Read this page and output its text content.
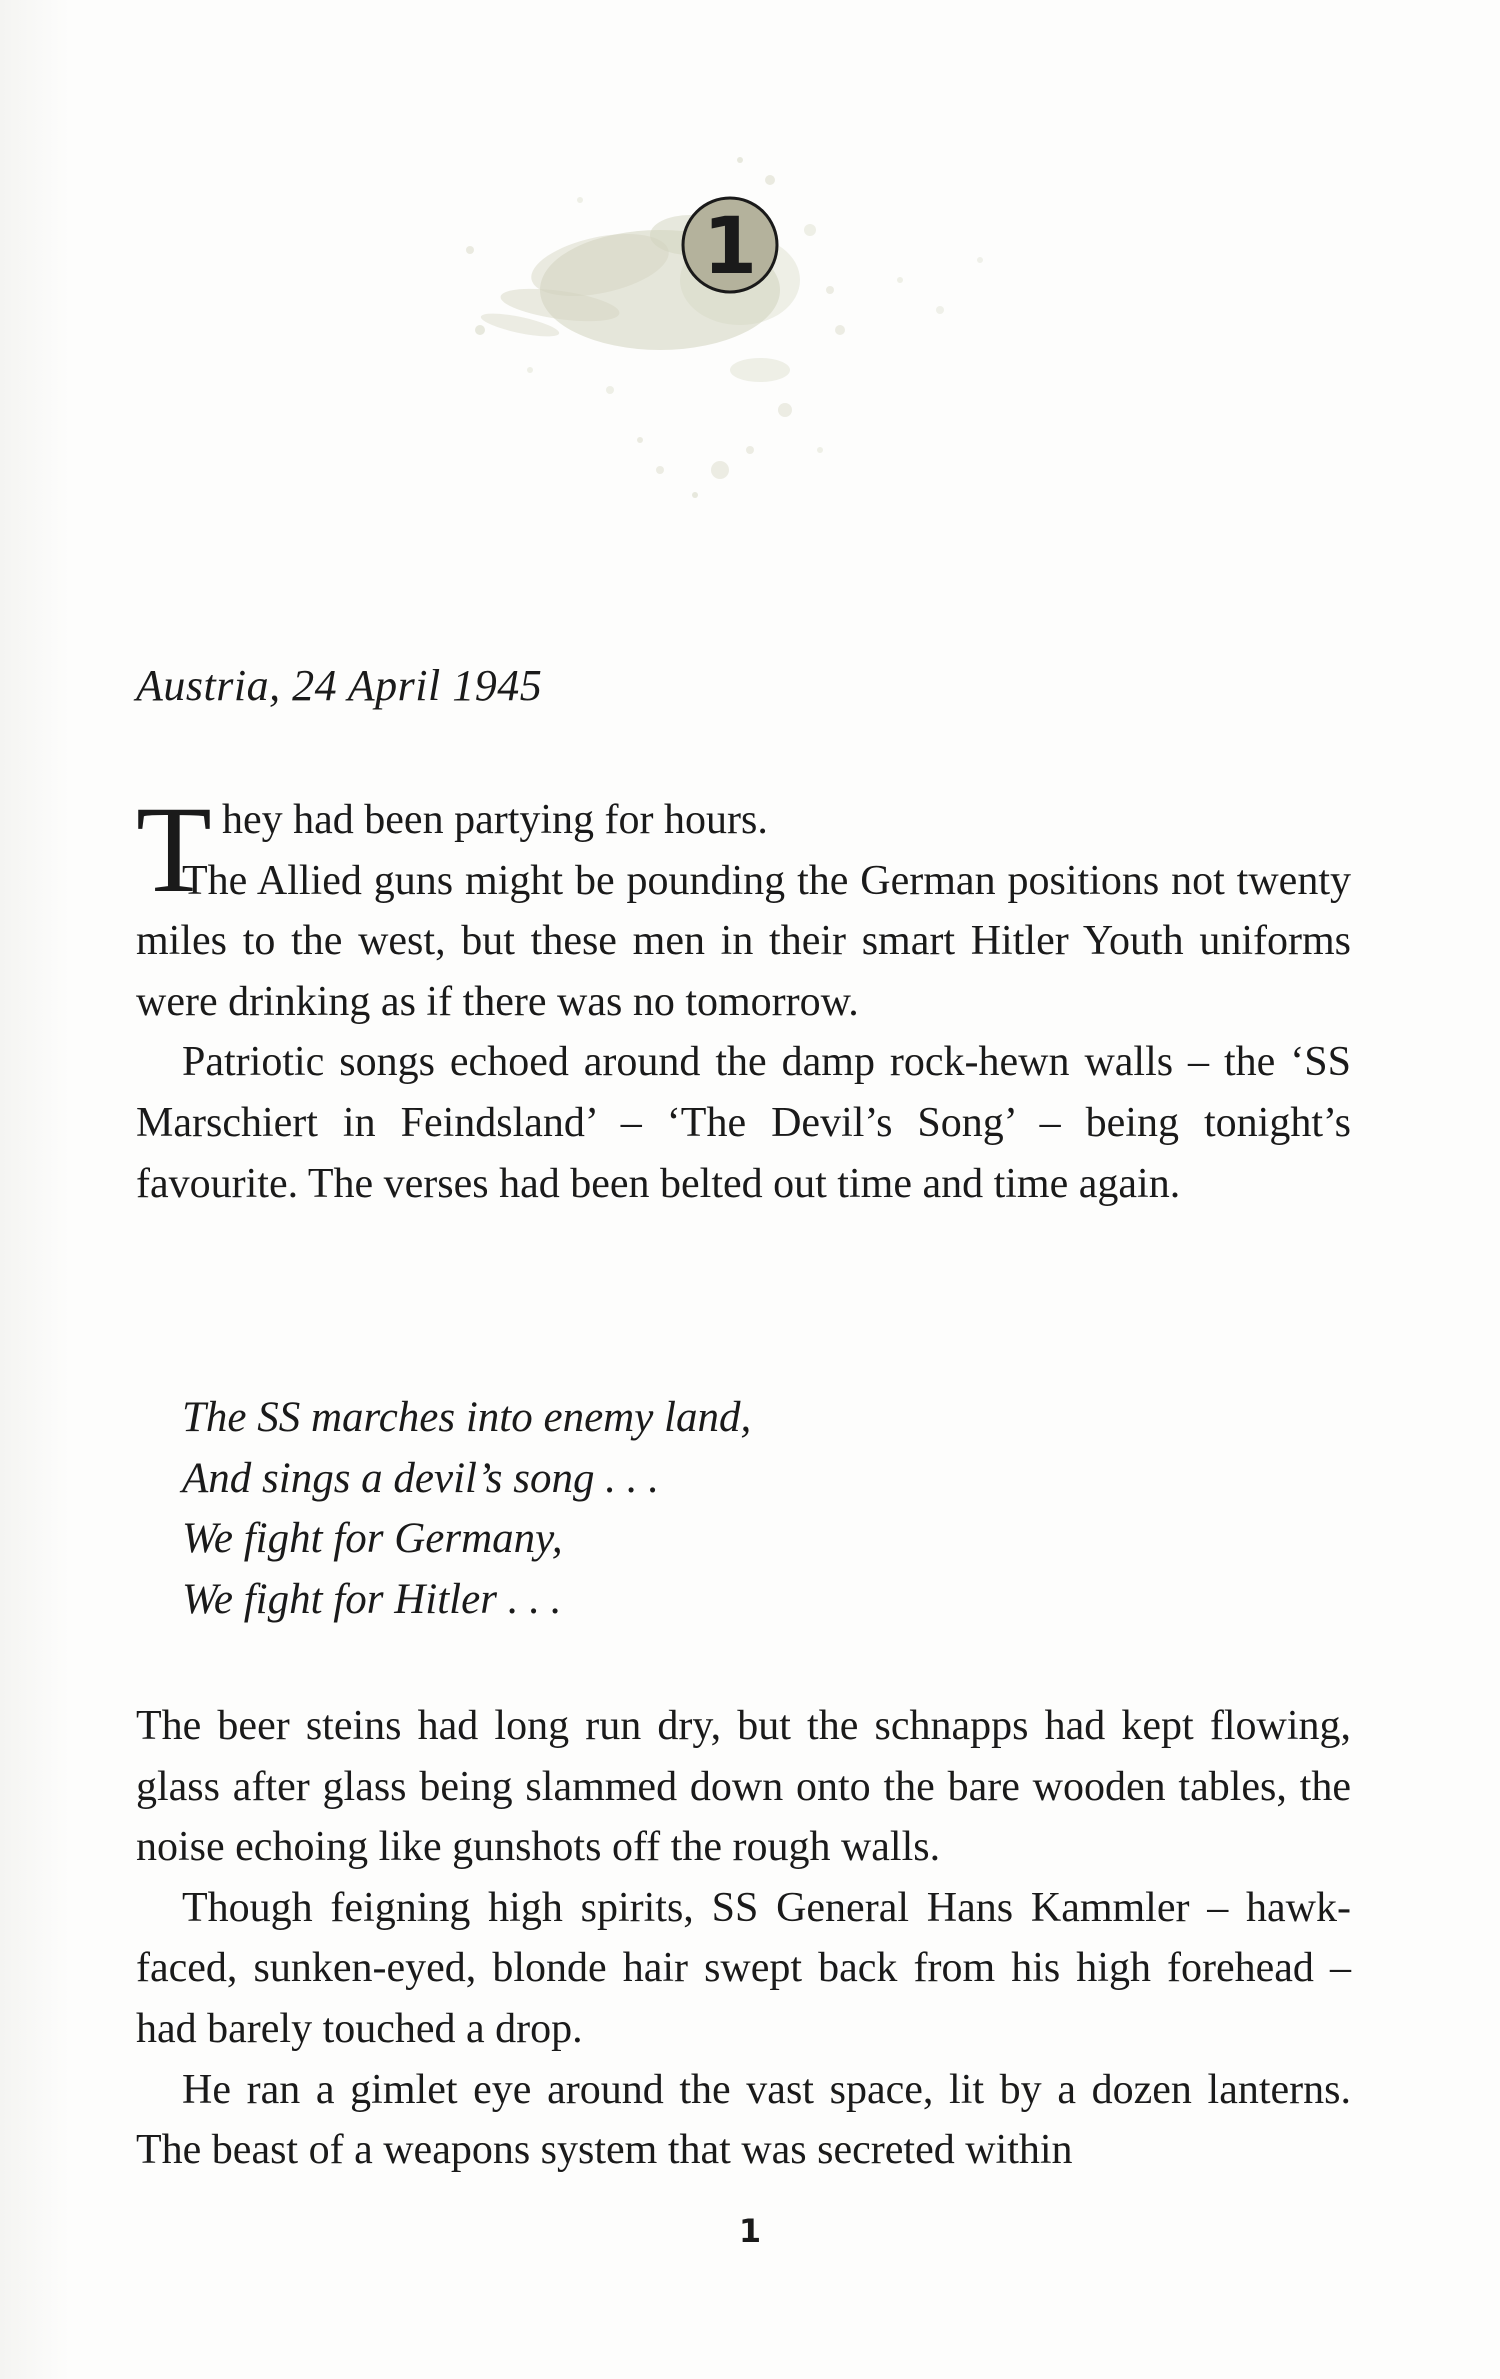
1

Austria, 24 April 1945

T hey had been partying for hours.

The Allied guns might be pounding the German positions not twenty miles to the west, but these men in their smart Hitler Youth uniforms were drinking as if there was no tomorrow.

Patriotic songs echoed around the damp rock-hewn walls – the ‘SS Marschiert in Feindsland’ – ‘The Devil’s Song’ – being tonight’s favourite. The verses had been belted out time and time again.

The SS marches into enemy land,
And sings a devil’s song . . .
We fight for Germany,
We fight for Hitler . . .

The beer steins had long run dry, but the schnapps had kept flowing, glass after glass being slammed down onto the bare wooden tables, the noise echoing like gunshots off the rough walls.

Though feigning high spirits, SS General Hans Kammler – hawk-faced, sunken-eyed, blonde hair swept back from his high forehead – had barely touched a drop.

He ran a gimlet eye around the vast space, lit by a dozen lanterns. The beast of a weapons system that was secreted within

1
